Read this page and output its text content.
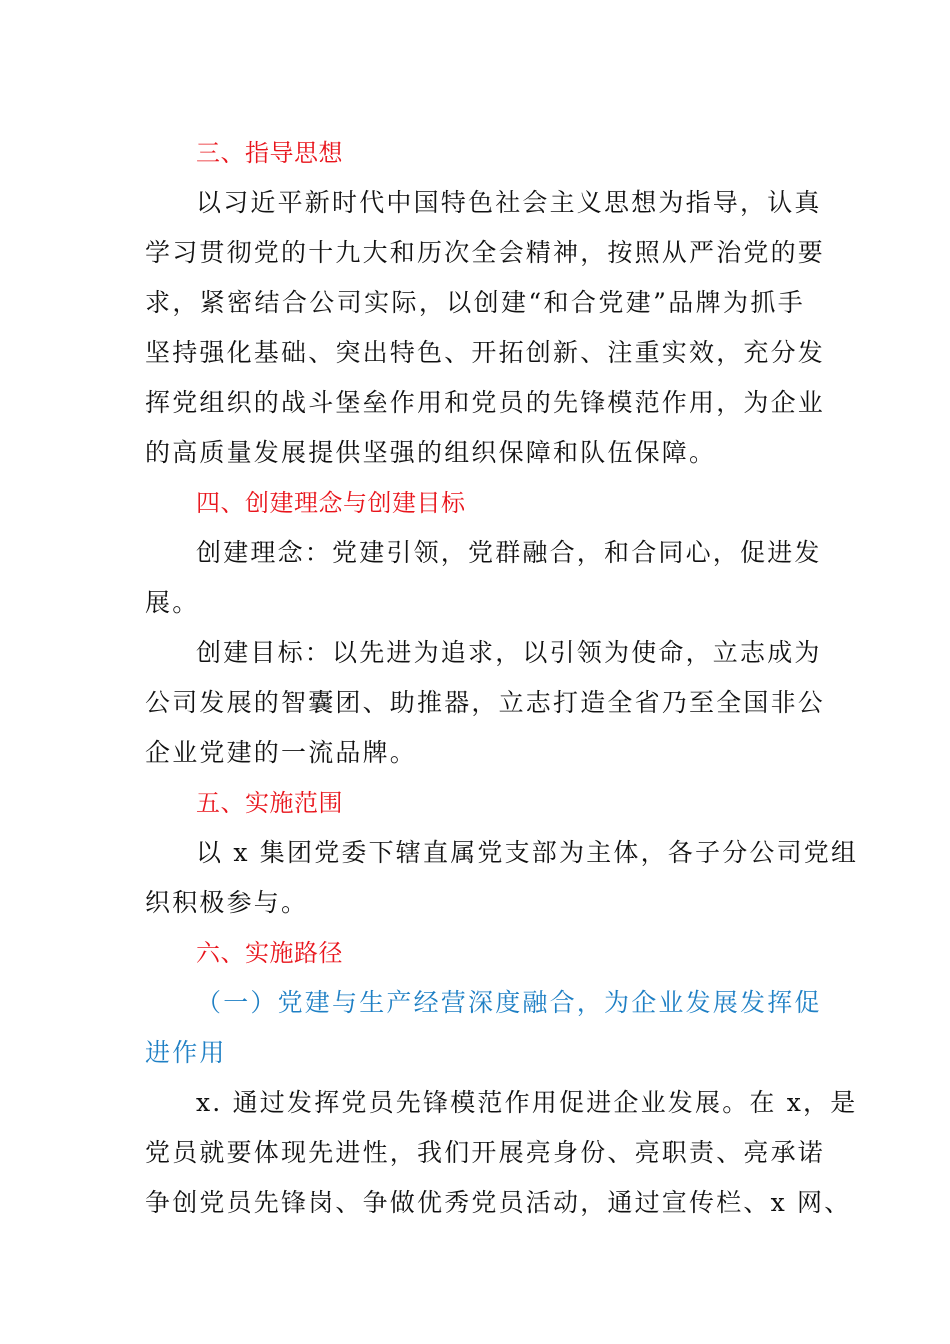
三、指导思想
以习近平新时代中国特色社会主义思想为指导，认真
学习贯彻党的十九大和历次全会精神，按照从严治党的要
求，紧密结合公司实际，以创建“和合党建”品牌为抓手
坚持强化基础、突出特色、开拓创新、注重实效，充分发
挥党组织的战斗堡垒作用和党员的先锋模范作用，为企业
的高质量发展提供坚强的组织保障和队伍保障。
四、创建理念与创建目标
创建理念：党建引领，党群融合，和合同心，促进发
展。
创建目标：以先进为追求，以引领为使命，立志成为
公司发展的智囊团、助推器，立志打造全省乃至全国非公
企业党建的一流品牌。
五、实施范围
以 x 集团党委下辖直属党支部为主体，各子分公司党组
织积极参与。
六、实施路径
（一）党建与生产经营深度融合，为企业发展发挥促
进作用
x. 通过发挥党员先锋模范作用促进企业发展。在 x，是
党员就要体现先进性，我们开展亮身份、亮职责、亮承诺
争创党员先锋岗、争做优秀党员活动，通过宣传栏、x 网、
